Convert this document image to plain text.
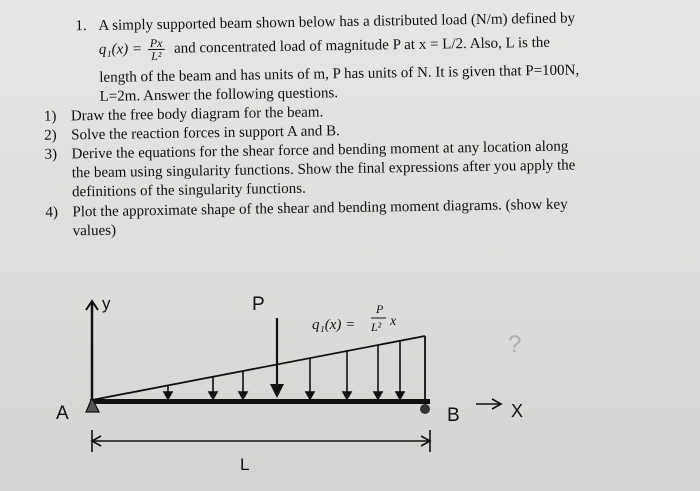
1. A simply supported beam shown below has a distributed load (N/m) defined by
$q_1(x) = \frac{Px}{\text{L²}}$ and concentrated load of magnitude P at x = L/2. Also, L is the
length of the beam and has units of m, P has units of N. It is given that P=100N,
L=2m. Answer the following questions.
1) Draw the free body diagram for the beam.
2) Solve the reaction forces in support A and B.
3) Derive the equations for the shear force and bending moment at any location along
the beam using singularity functions. Show the final expressions after you apply the
definitions of the singularity functions.
4) Plot the approximate shape of the shear and bending moment diagrams. (show key
values)
y	P
q₁(x) =
P
L² x
A	B	X
L
?
